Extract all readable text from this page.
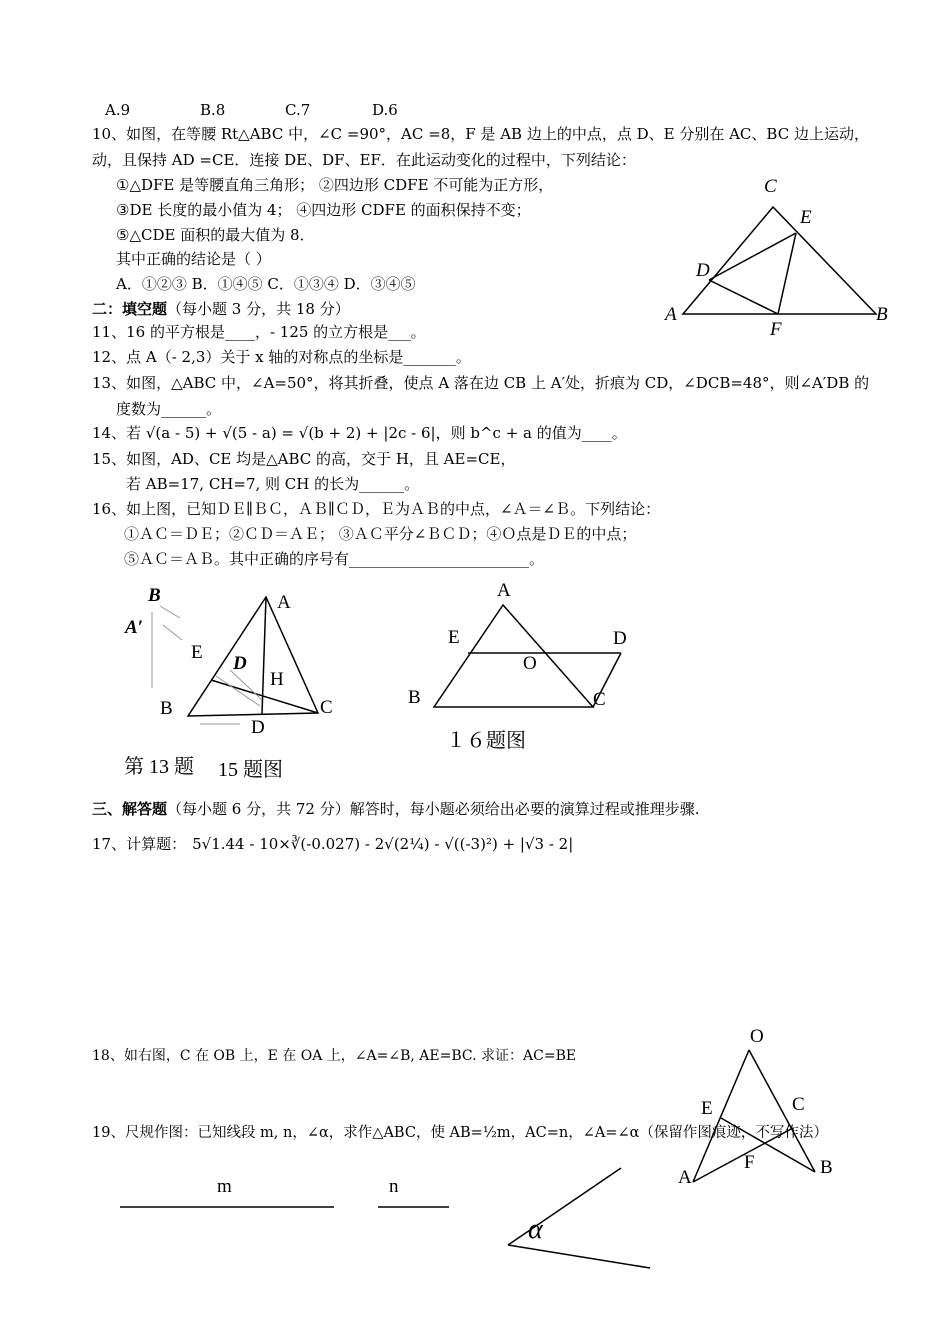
A.9	B.8	C.7	D.6
10、如图，在等腰 Rt△ABC 中，∠C =90°，AC =8，F 是 AB 边上的中点，点 D、E 分别在 AC、BC 边上运动，
动，且保持 AD =CE．连接 DE、DF、EF．在此运动变化的过程中，下列结论：
①△DFE 是等腰直角三角形； ②四边形 CDFE 不可能为正方形，
③DE 长度的最小值为 4； ④四边形 CDFE 的面积保持不变；
⑤△CDE 面积的最大值为 8．
其中正确的结论是（ ）
A．①②③ B．①④⑤ C．①③④ D．③④⑤
二：填空题（每小题 3 分，共 18 分）
11、16 的平方根是____，- 125 的立方根是___。
12、点 A（- 2,3）关于 x 轴的对称点的坐标是_______。
13、如图，△ABC 中，∠A=50°，将其折叠，使点 A 落在边 CB 上 A′处，折痕为 CD，∠DCB=48°，则∠A′DB 的
度数为______。
14、若 √(a - 5) + √(5 - a) = √(b + 2) + |2c - 6|，则 b^c + a 的值为____。
15、如图，AD、CE 均是△ABC 的高，交于 H，且 AE=CE，
若 AB=17, CH=7, 则 CH 的长为______。
16、如上图，已知ＤＥ∥ＢＣ，ＡＢ∥ＣＤ，Ｅ为ＡＢ的中点，∠Ａ＝∠Ｂ。下列结论：
①ＡＣ＝ＤＥ；②ＣＤ＝ＡＥ； ③ＡＣ平分∠ＢＣＤ；④Ｏ点是ＤＥ的中点；
⑤ＡＣ＝ＡＢ。其中正确的序号有________________________。
三、解答题（每小题 6 分，共 72 分）解答时，每小题必须给出必要的演算过程或推理步骤.
17、计算题： 5√1.44 - 10×∛(-0.027) - 2√(2¼) - √((-3)²) + |√3 - 2|
18、如右图，C 在 OB 上，E 在 OA 上，∠A=∠B, AE=BC. 求证：AC=BE
19、尺规作图：已知线段 m, n，∠α，求作△ABC，使 AB=½m，AC=n，∠A=∠α（保留作图痕迹，不写作法）
C
E
D
A
F
B
B
A′
A
E
D
H
B	C
D
第 13 题 15 题图
A
E	D
O
B	C
１６题图
O
E	C
F
A	B
m	n
α
